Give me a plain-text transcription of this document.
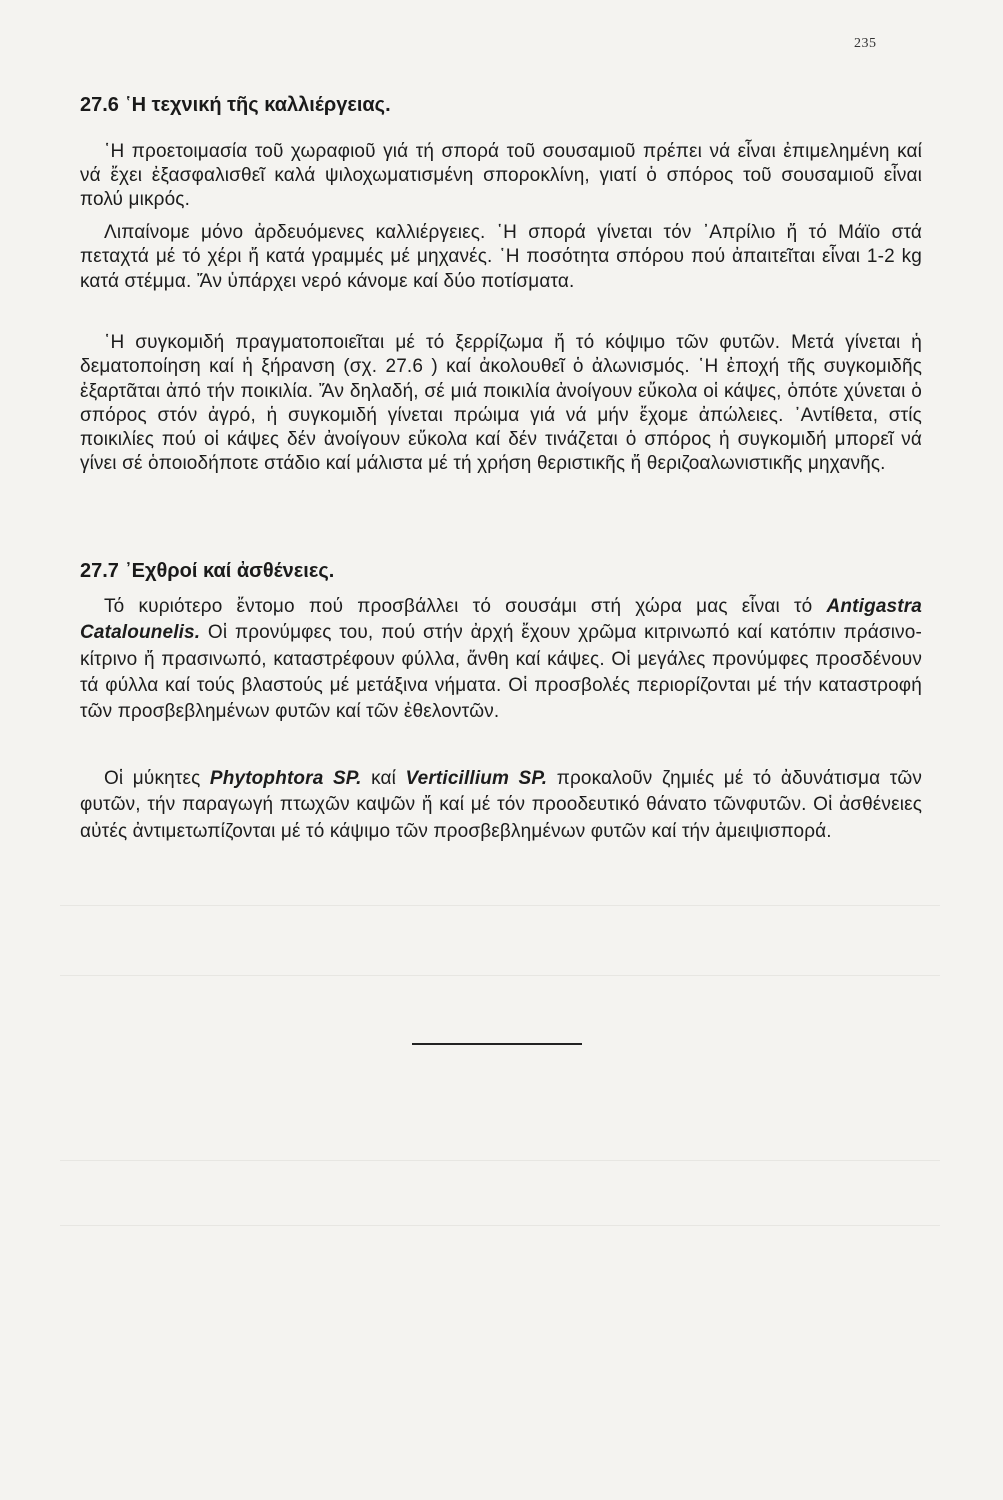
235
27.6 ῾Η τεχνική τῆς καλλιέργειας.

῾Η προετοιμασία τοῦ χωραφιοῦ γιά τή σπορά τοῦ σουσαμιοῦ πρέπει νά εἶναι ἐπιμελημένη καί νά ἔχει ἐξασφαλισθεῖ καλά ψιλοχωματισμένη σπορoκλίνη, γιατί ὁ σπόρος τοῦ σουσαμιοῦ εἶναι πολύ μικρός.

Λιπαίνομε μόνο ἀρδευόμενες καλλιέργειες. ῾Η σπορά γίνεται τόν ᾿Απρίλιο ἤ τό Μάϊο στά πεταχτά μέ τό χέρι ἤ κατά γραμμές μέ μηχανές. ῾Η ποσότητα σπόρου πού ἀπαιτεῖται εἶναι 1-2 kg κατά στέμμα. Ἄν ὑπάρχει νερό κάνομε καί δύο ποτίσματα.

῾Η συγκομιδή πραγματοποιεῖται μέ τό ξερρίζωμα ἤ τό κόψιμο τῶν φυτῶν. Μετά γίνεται ἡ δεματοποίηση καί ἡ ξήρανση (σχ. 27.6 ) καί ἀκολουθεῖ ὁ ἀλωνισμός. ῾Η ἐποχή τῆς συγκομιδῆς ἐξαρτᾶται ἀπό τήν ποικιλία. Ἄν δηλαδή, σέ μιά ποικιλία ἀνοίγουν εὔκολα οἱ κάψες, ὁπότε χύνεται ὁ σπόρος στόν ἀγρό, ἡ συγκομιδή γίνεται πρώιμα γιά νά μήν ἔχομε ἀπώλειες. ᾿Αντίθετα, στίς ποικιλίες πού οἱ κάψες δέν ἀνοίγουν εὔκολα καί δέν τινάζεται ὁ σπόρος ἡ συγκομιδή μπορεῖ νά γίνει σέ ὁποιοδήποτε στάδιο καί μάλιστα μέ τή χρήση θεριστικῆς ἤ θεριζοαλωνιστικῆς μηχανῆς.

27.7 ᾿Εχθροί καί ἀσθένειες.

Τό κυριότερο ἔντομο πού προσβάλλει τό σουσάμι στή χώρα μας εἶναι τό Antigastra Catalounelis. Οἱ προνύμφες του, πού στήν ἀρχή ἔχουν χρῶμα κιτρινωπό καί κατόπιν πράσινο-κίτρινο ἤ πρασινωπό, καταστρέφουν φύλλα, ἄνθη καί κάψες. Οἱ μεγάλες προνύμφες προσδένουν τά φύλλα καί τούς βλαστούς μέ μετάξινα νήματα. Οἱ προσβολές περιορίζονται μέ τήν καταστροφή τῶν προσβεβλημένων φυτῶν καί τῶν ἐθελοντῶν.

Οἱ μύκητες Phytophtora SP. καί Verticillium SP. προκαλοῦν ζημιές μέ τό ἀδυνάτισμα τῶν φυτῶν, τήν παραγωγή πτωχῶν καψῶν ἤ καί μέ τόν προοδευτικό θάνατο τῶνφυτῶν. Οἱ ἀσθένειες αὐτές ἀντιμετωπίζονται μέ τό κάψιμο τῶν προσβεβλημένων φυτῶν καί τήν ἀμειψισπορά.
